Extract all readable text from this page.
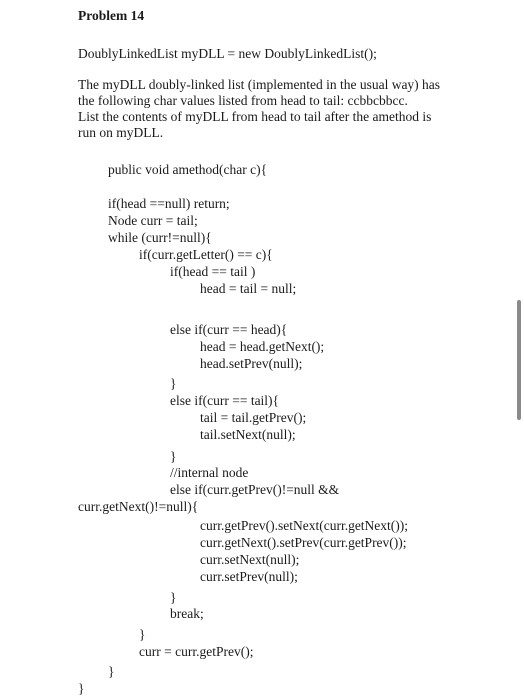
Problem 14
DoublyLinkedList myDLL = new DoublyLinkedList();
The myDLL doubly-linked list (implemented in the usual way) has
the following char values listed from head to tail: ccbbcbbcc.
List the contents of myDLL from head to tail after the amethod is
run on myDLL.
public void amethod(char c){
if(head ==null) return;
Node curr = tail;
while (curr!=null){
if(curr.getLetter() == c){
if(head == tail )
head = tail = null;
else if(curr == head){
head = head.getNext();
head.setPrev(null);
}
else if(curr == tail){
tail = tail.getPrev();
tail.setNext(null);
}
//internal node
else if(curr.getPrev()!=null &&
curr.getNext()!=null){
curr.getPrev().setNext(curr.getNext());
curr.getNext().setPrev(curr.getPrev());
curr.setNext(null);
curr.setPrev(null);
}
break;
}
curr = curr.getPrev();
}
}
